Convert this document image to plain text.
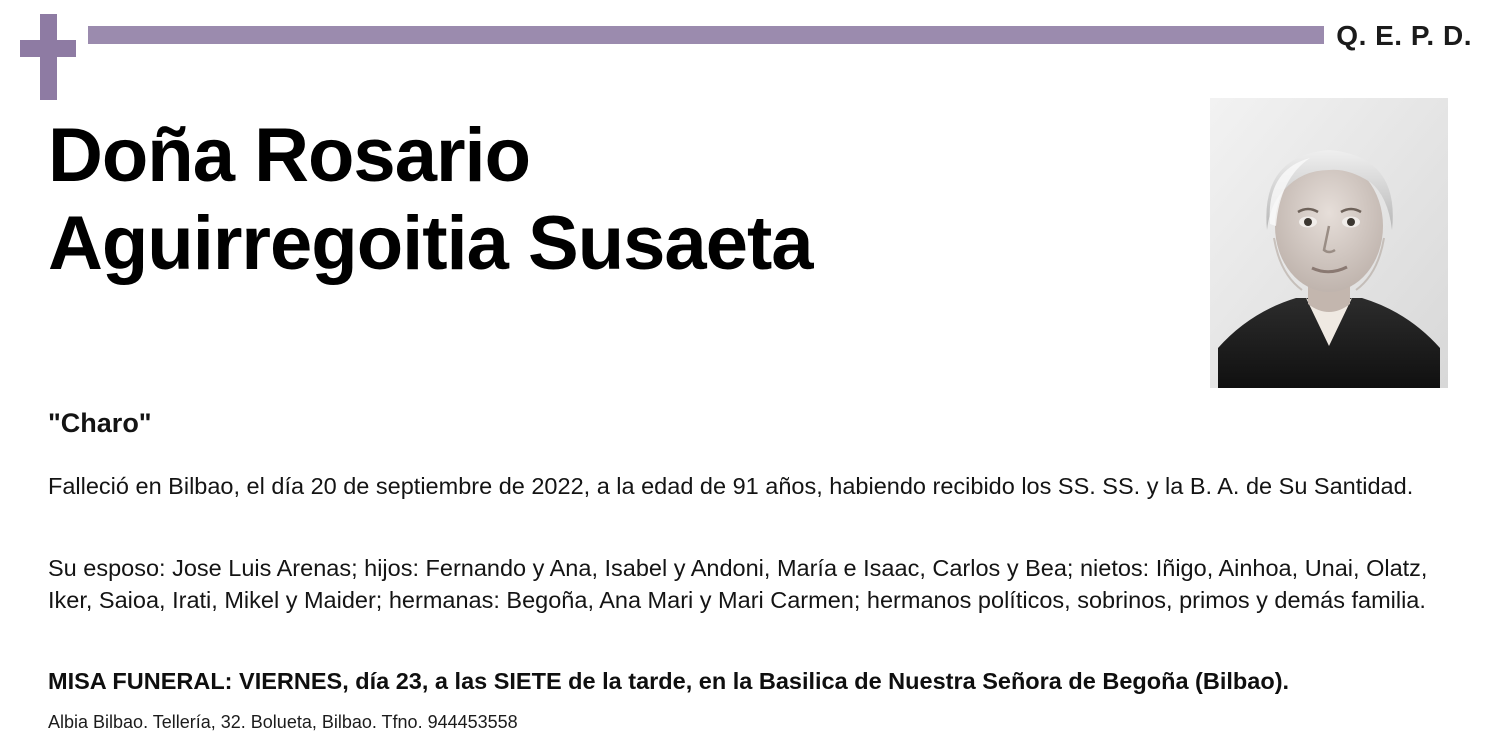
Q. E. P. D.
Doña Rosario
Aguirregoitia Susaeta
"Charo"
Falleció en Bilbao, el día 20 de septiembre de 2022, a la edad de 91 años, habiendo recibido los SS. SS. y la B. A. de Su Santidad.
Su esposo: Jose Luis Arenas; hijos: Fernando y Ana, Isabel y Andoni, María e Isaac, Carlos y Bea; nietos: Iñigo, Ainhoa, Unai, Olatz, Iker, Saioa, Irati, Mikel y Maider; hermanas: Begoña, Ana Mari y Mari Carmen; hermanos políticos, sobrinos, primos y demás familia.
MISA FUNERAL: VIERNES, día 23, a las SIETE de la tarde, en la Basilica de Nuestra Señora de Begoña (Bilbao).
Albia Bilbao. Tellería, 32. Bolueta, Bilbao. Tfno. 944453558
